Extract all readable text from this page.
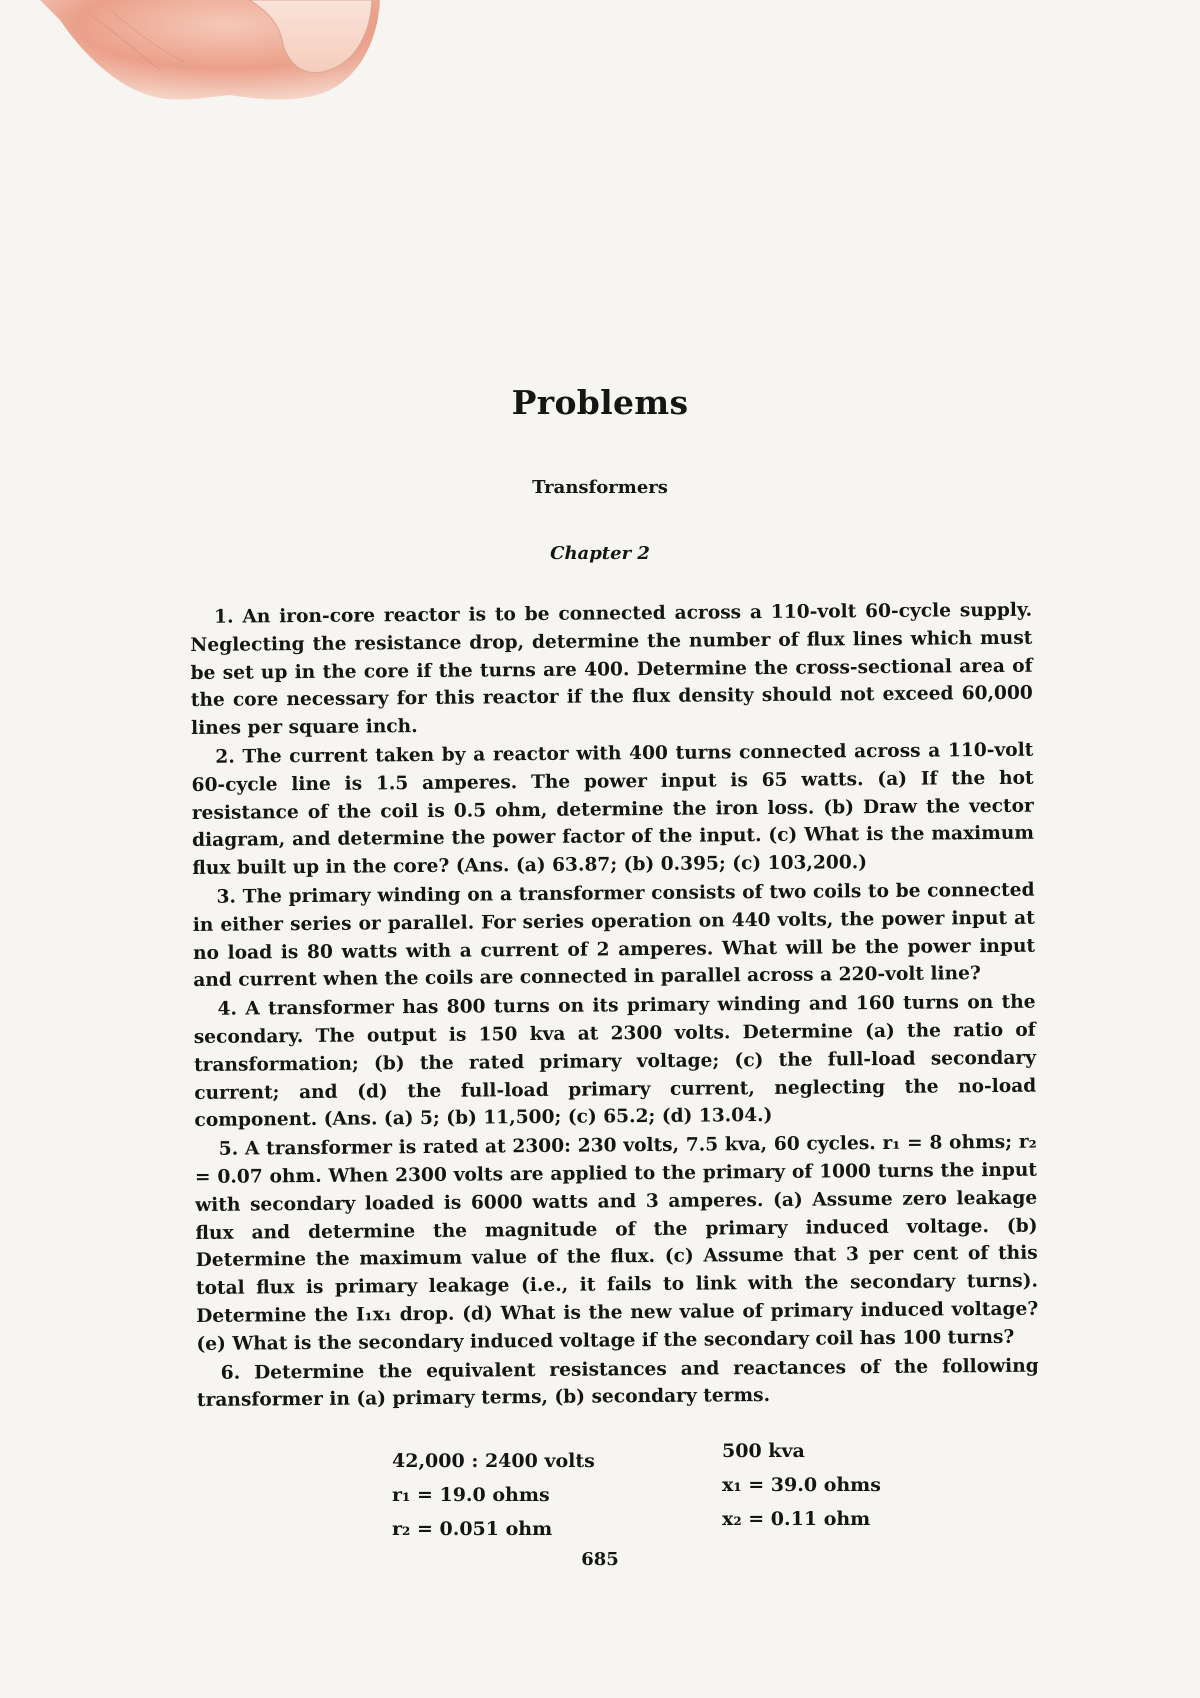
Problems
Transformers
Chapter 2

1. An iron-core reactor is to be connected across a 110-volt 60-cycle supply. Neglecting the resistance drop, determine the number of flux lines which must be set up in the core if the turns are 400. Determine the cross-sectional area of the core necessary for this reactor if the flux density should not exceed 60,000 lines per square inch.

2. The current taken by a reactor with 400 turns connected across a 110-volt 60-cycle line is 1.5 amperes. The power input is 65 watts. (a) If the hot resistance of the coil is 0.5 ohm, determine the iron loss. (b) Draw the vector diagram, and determine the power factor of the input. (c) What is the maximum flux built up in the core? (Ans. (a) 63.87; (b) 0.395; (c) 103,200.)

3. The primary winding on a transformer consists of two coils to be connected in either series or parallel. For series operation on 440 volts, the power input at no load is 80 watts with a current of 2 amperes. What will be the power input and current when the coils are connected in parallel across a 220-volt line?

4. A transformer has 800 turns on its primary winding and 160 turns on the secondary. The output is 150 kva at 2300 volts. Determine (a) the ratio of transformation; (b) the rated primary voltage; (c) the full-load secondary current; and (d) the full-load primary current, neglecting the no-load component. (Ans. (a) 5; (b) 11,500; (c) 65.2; (d) 13.04.)

5. A transformer is rated at 2300: 230 volts, 7.5 kva, 60 cycles. r₁ = 8 ohms; r₂ = 0.07 ohm. When 2300 volts are applied to the primary of 1000 turns the input with secondary loaded is 6000 watts and 3 amperes. (a) Assume zero leakage flux and determine the magnitude of the primary induced voltage. (b) Determine the maximum value of the flux. (c) Assume that 3 per cent of this total flux is primary leakage (i.e., it fails to link with the secondary turns). Determine the I₁x₁ drop. (d) What is the new value of primary induced voltage? (e) What is the secondary induced voltage if the secondary coil has 100 turns?

6. Determine the equivalent resistances and reactances of the following transformer in (a) primary terms, (b) secondary terms.

42,000 : 2400 volts
r₁ = 19.0 ohms
r₂ = 0.051 ohm
500 kva
x₁ = 39.0 ohms
x₂ = 0.11 ohm
685
